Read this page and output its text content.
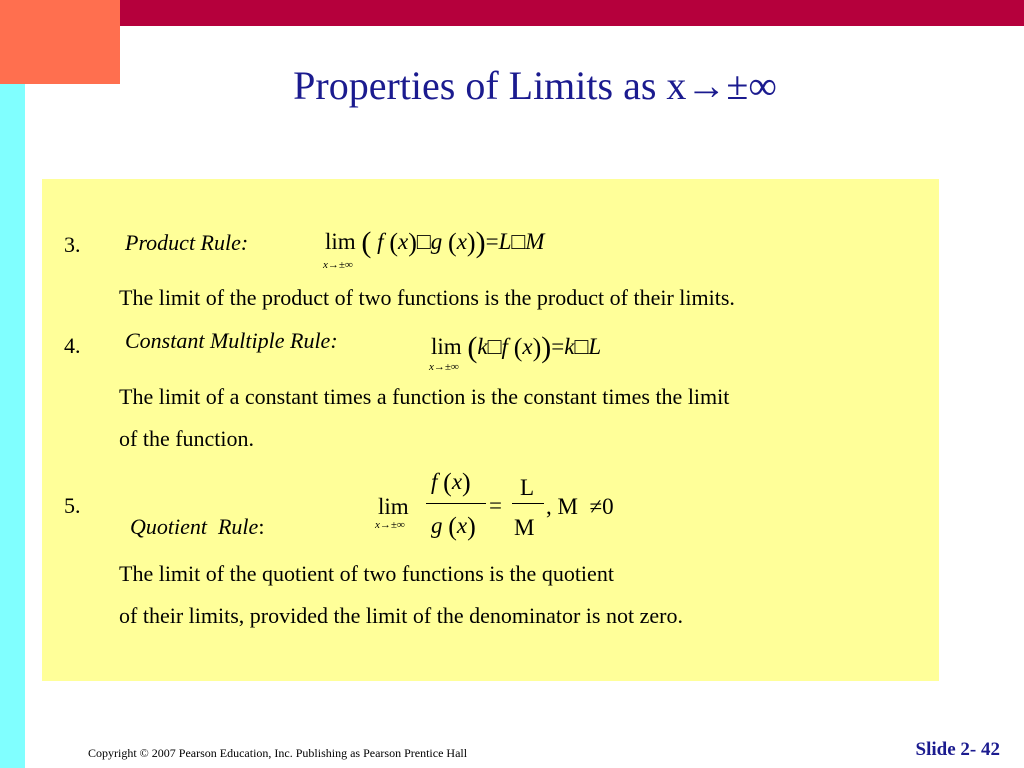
Properties of Limits as x→±∞
3. Product Rule:	lim ( f (x)□g (x))=L□M
x→±∞
The limit of the product of two functions is the product of their limits.
4. Constant Multiple Rule:	lim (k□f (x))=k□L
x→±∞
The limit of a constant times a function is the constant times the limit
of the function.
5.

Quotient  Rule:

lim
x→±∞
f (x)
g (x)
=
L
M
, M  ≠0
The limit of the quotient of two functions is the quotient
of their limits, provided the limit of the denominator is not zero.
Copyright © 2007 Pearson Education, Inc. Publishing as Pearson Prentice Hall	Slide 2- 42
